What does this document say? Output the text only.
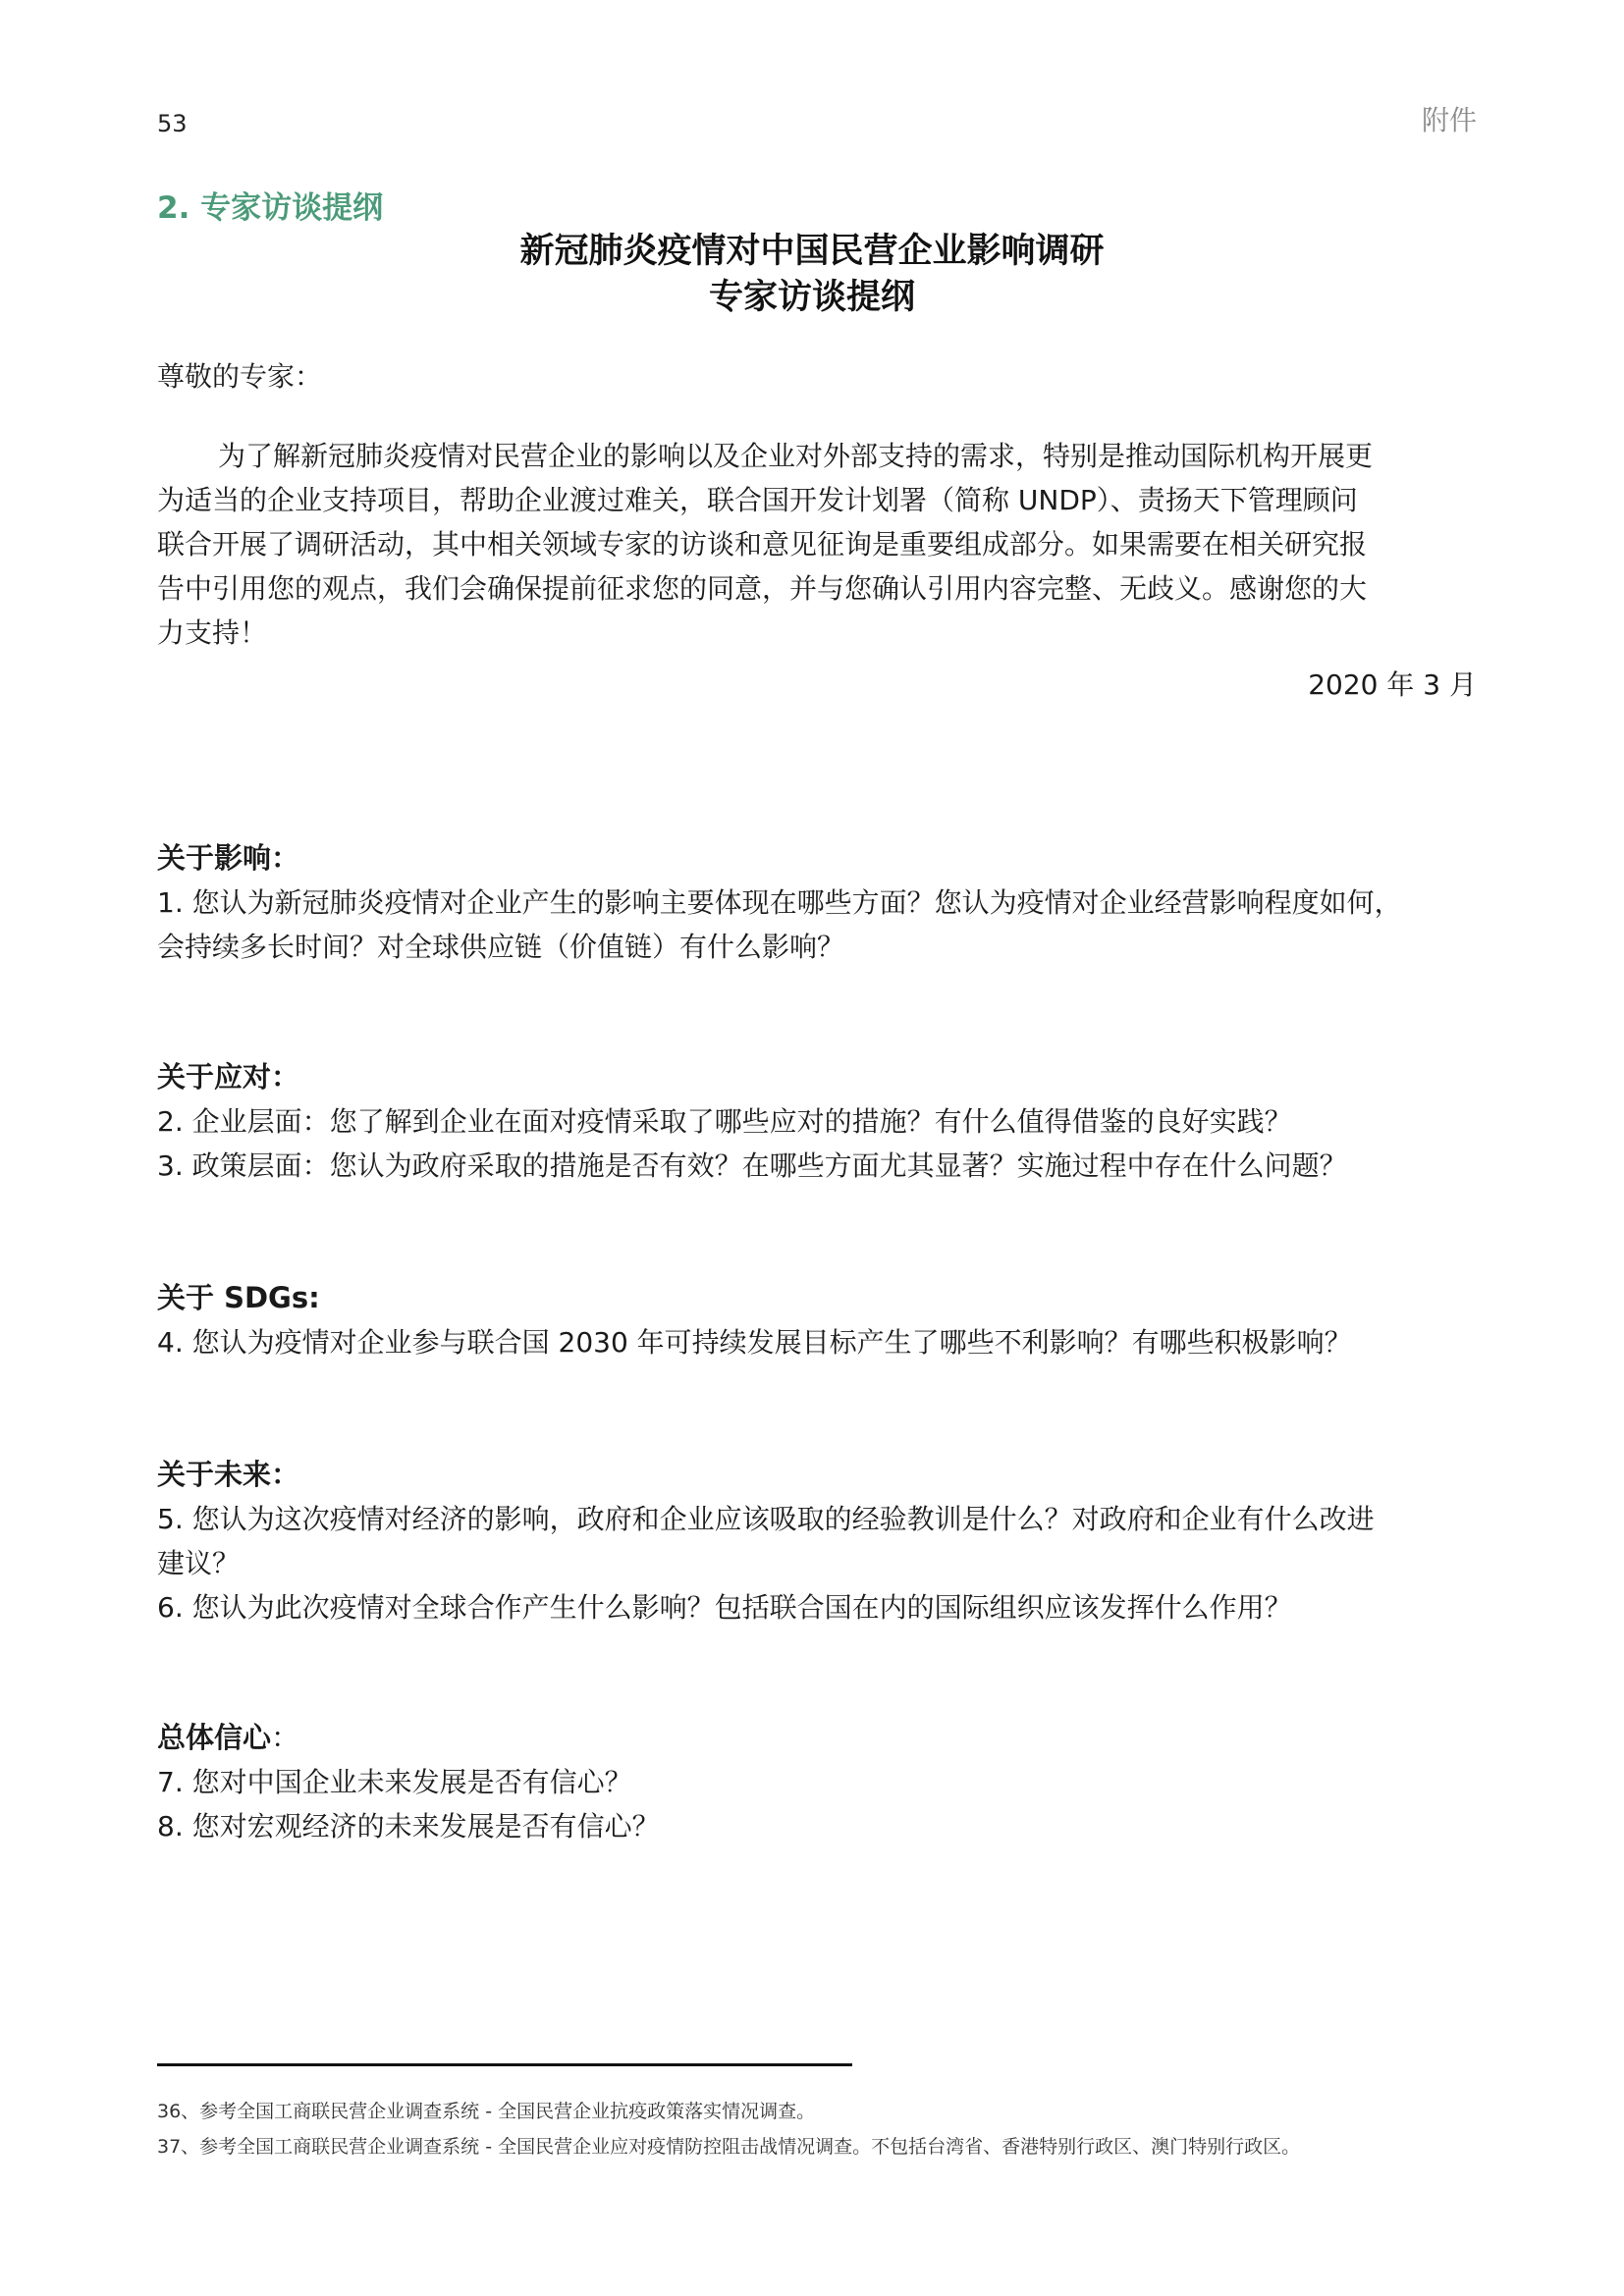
53	附件
2. 专家访谈提纲
新冠肺炎疫情对中国民营企业影响调研
专家访谈提纲
尊敬的专家：
为了解新冠肺炎疫情对民营企业的影响以及企业对外部支持的需求，特别是推动国际机构开展更
为适当的企业支持项目，帮助企业渡过难关，联合国开发计划署（简称 UNDP）、责扬天下管理顾问
联合开展了调研活动，其中相关领域专家的访谈和意见征询是重要组成部分。如果需要在相关研究报
告中引用您的观点，我们会确保提前征求您的同意，并与您确认引用内容完整、无歧义。感谢您的大
力支持！
2020 年 3 月
关于影响：
1. 您认为新冠肺炎疫情对企业产生的影响主要体现在哪些方面？您认为疫情对企业经营影响程度如何，
会持续多长时间？对全球供应链（价值链）有什么影响？
关于应对：
2. 企业层面：您了解到企业在面对疫情采取了哪些应对的措施？有什么值得借鉴的良好实践？
3. 政策层面：您认为政府采取的措施是否有效？在哪些方面尤其显著？实施过程中存在什么问题？
关于 SDGs:
4. 您认为疫情对企业参与联合国 2030 年可持续发展目标产生了哪些不利影响？有哪些积极影响？
关于未来：
5. 您认为这次疫情对经济的影响，政府和企业应该吸取的经验教训是什么？对政府和企业有什么改进
建议？
6. 您认为此次疫情对全球合作产生什么影响？包括联合国在内的国际组织应该发挥什么作用？
总体信心：
7. 您对中国企业未来发展是否有信心？
8. 您对宏观经济的未来发展是否有信心？
36、参考全国工商联民营企业调查系统 - 全国民营企业抗疫政策落实情况调查。
37、参考全国工商联民营企业调查系统 - 全国民营企业应对疫情防控阻击战情况调查。不包括台湾省、香港特别行政区、澳门特别行政区。
